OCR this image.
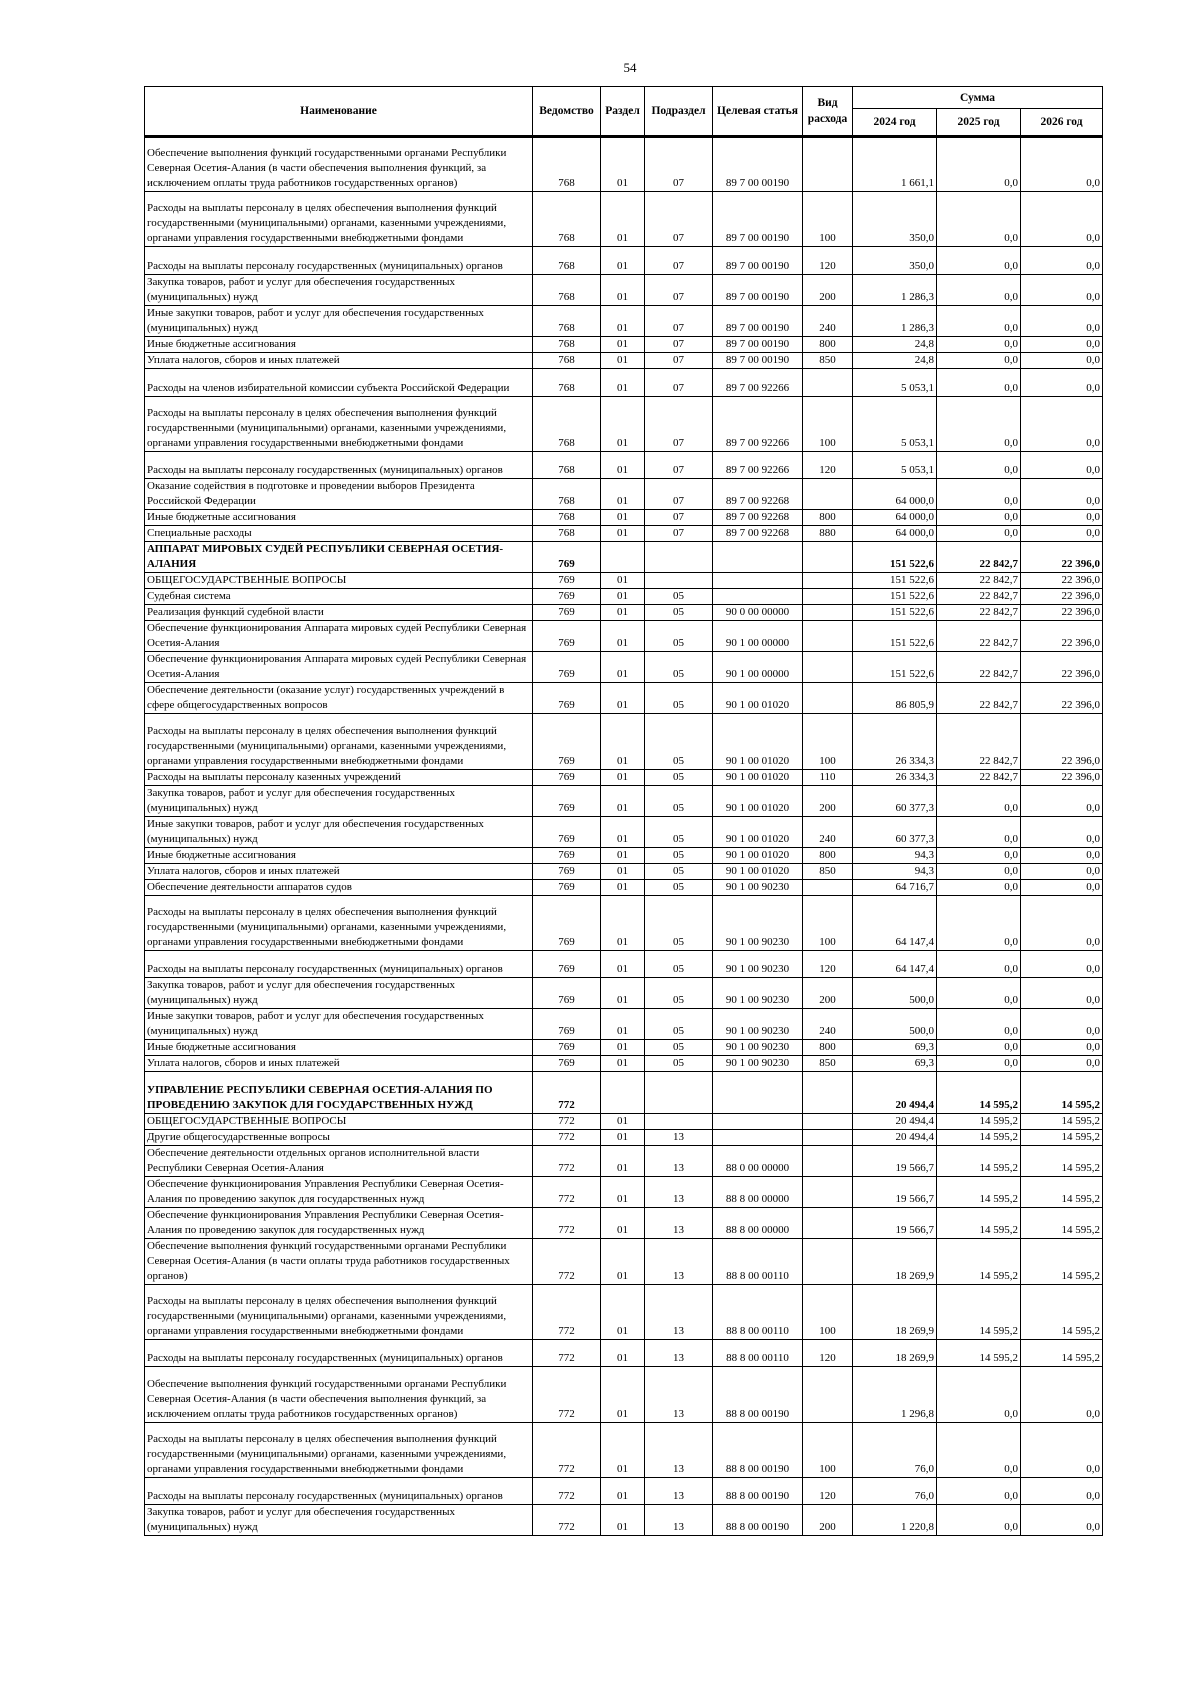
54
Наименование	Ведомство	Раздел	Подраздел	Целевая статья	Вид расхода	Сумма		
						2024 год	2025 год	2026 год
Обеспечение выполнения функций государственными органами Республики Северная Осетия-Алания (в части обеспечения выполнения функций, за исключением оплаты труда работников государственных органов)	768	01	07	89 7 00 00190		1 661,1	0,0	0,0
Расходы на выплаты персоналу в целях обеспечения выполнения функций государственными (муниципальными) органами, казенными учреждениями, органами управления государственными внебюджетными фондами	768	01	07	89 7 00 00190	100	350,0	0,0	0,0
Расходы на выплаты персоналу государственных (муниципальных) органов	768	01	07	89 7 00 00190	120	350,0	0,0	0,0
Закупка товаров, работ и услуг для обеспечения государственных (муниципальных) нужд	768	01	07	89 7 00 00190	200	1 286,3	0,0	0,0
Иные закупки товаров, работ и услуг для обеспечения государственных (муниципальных) нужд	768	01	07	89 7 00 00190	240	1 286,3	0,0	0,0
Иные бюджетные ассигнования	768	01	07	89 7 00 00190	800	24,8	0,0	0,0
Уплата налогов, сборов и иных платежей	768	01	07	89 7 00 00190	850	24,8	0,0	0,0
Расходы на членов избирательной комиссии субъекта Российской Федерации	768	01	07	89 7 00 92266		5 053,1	0,0	0,0
Расходы на выплаты персоналу в целях обеспечения выполнения функций государственными (муниципальными) органами, казенными учреждениями, органами управления государственными внебюджетными фондами	768	01	07	89 7 00 92266	100	5 053,1	0,0	0,0
Расходы на выплаты персоналу государственных (муниципальных) органов	768	01	07	89 7 00 92266	120	5 053,1	0,0	0,0
Оказание содействия в подготовке и проведении выборов Президента Российской Федерации	768	01	07	89 7 00 92268		64 000,0	0,0	0,0
Иные бюджетные ассигнования	768	01	07	89 7 00 92268	800	64 000,0	0,0	0,0
Специальные расходы	768	01	07	89 7 00 92268	880	64 000,0	0,0	0,0
АППАРАТ МИРОВЫХ СУДЕЙ РЕСПУБЛИКИ СЕВЕРНАЯ ОСЕТИЯ-АЛАНИЯ	769					151 522,6	22 842,7	22 396,0
ОБЩЕГОСУДАРСТВЕННЫЕ ВОПРОСЫ	769	01				151 522,6	22 842,7	22 396,0
Судебная система	769	01	05			151 522,6	22 842,7	22 396,0
Реализация функций судебной власти	769	01	05	90 0 00 00000		151 522,6	22 842,7	22 396,0
Обеспечение функционирования Аппарата мировых судей Республики Северная Осетия-Алания	769	01	05	90 1 00 00000		151 522,6	22 842,7	22 396,0
Обеспечение функционирования Аппарата мировых судей Республики Северная Осетия-Алания	769	01	05	90 1 00 00000		151 522,6	22 842,7	22 396,0
Обеспечение деятельности (оказание услуг) государственных учреждений в сфере общегосударственных вопросов	769	01	05	90 1 00 01020		86 805,9	22 842,7	22 396,0
Расходы на выплаты персоналу в целях обеспечения выполнения функций государственными (муниципальными) органами, казенными учреждениями, органами управления государственными внебюджетными фондами	769	01	05	90 1 00 01020	100	26 334,3	22 842,7	22 396,0
Расходы на выплаты персоналу казенных учреждений	769	01	05	90 1 00 01020	110	26 334,3	22 842,7	22 396,0
Закупка товаров, работ и услуг для обеспечения государственных (муниципальных) нужд	769	01	05	90 1 00 01020	200	60 377,3	0,0	0,0
Иные закупки товаров, работ и услуг для обеспечения государственных (муниципальных) нужд	769	01	05	90 1 00 01020	240	60 377,3	0,0	0,0
Иные бюджетные ассигнования	769	01	05	90 1 00 01020	800	94,3	0,0	0,0
Уплата налогов, сборов и иных платежей	769	01	05	90 1 00 01020	850	94,3	0,0	0,0
Обеспечение деятельности аппаратов судов	769	01	05	90 1 00 90230		64 716,7	0,0	0,0
Расходы на выплаты персоналу в целях обеспечения выполнения функций государственными (муниципальными) органами, казенными учреждениями, органами управления государственными внебюджетными фондами	769	01	05	90 1 00 90230	100	64 147,4	0,0	0,0
Расходы на выплаты персоналу государственных (муниципальных) органов	769	01	05	90 1 00 90230	120	64 147,4	0,0	0,0
Закупка товаров, работ и услуг для обеспечения государственных (муниципальных) нужд	769	01	05	90 1 00 90230	200	500,0	0,0	0,0
Иные закупки товаров, работ и услуг для обеспечения государственных (муниципальных) нужд	769	01	05	90 1 00 90230	240	500,0	0,0	0,0
Иные бюджетные ассигнования	769	01	05	90 1 00 90230	800	69,3	0,0	0,0
Уплата налогов, сборов и иных платежей	769	01	05	90 1 00 90230	850	69,3	0,0	0,0
УПРАВЛЕНИЕ РЕСПУБЛИКИ СЕВЕРНАЯ ОСЕТИЯ-АЛАНИЯ ПО ПРОВЕДЕНИЮ ЗАКУПОК ДЛЯ ГОСУДАРСТВЕННЫХ НУЖД	772					20 494,4	14 595,2	14 595,2
ОБЩЕГОСУДАРСТВЕННЫЕ ВОПРОСЫ	772	01				20 494,4	14 595,2	14 595,2
Другие общегосударственные вопросы	772	01	13			20 494,4	14 595,2	14 595,2
Обеспечение деятельности отдельных органов исполнительной власти Республики Северная Осетия-Алания	772	01	13	88 0 00 00000		19 566,7	14 595,2	14 595,2
Обеспечение функционирования Управления Республики Северная Осетия-Алания по проведению закупок для государственных нужд	772	01	13	88 8 00 00000		19 566,7	14 595,2	14 595,2
Обеспечение функционирования Управления Республики Северная Осетия-Алания по проведению закупок для государственных нужд	772	01	13	88 8 00 00000		19 566,7	14 595,2	14 595,2
Обеспечение выполнения функций государственными органами Республики Северная Осетия-Алания (в части оплаты труда работников государственных органов)	772	01	13	88 8 00 00110		18 269,9	14 595,2	14 595,2
Расходы на выплаты персоналу в целях обеспечения выполнения функций государственными (муниципальными) органами, казенными учреждениями, органами управления государственными внебюджетными фондами	772	01	13	88 8 00 00110	100	18 269,9	14 595,2	14 595,2
Расходы на выплаты персоналу государственных (муниципальных) органов	772	01	13	88 8 00 00110	120	18 269,9	14 595,2	14 595,2
Обеспечение выполнения функций государственными органами Республики Северная Осетия-Алания (в части обеспечения выполнения функций, за исключением оплаты труда работников государственных органов)	772	01	13	88 8 00 00190		1 296,8	0,0	0,0
Расходы на выплаты персоналу в целях обеспечения выполнения функций государственными (муниципальными) органами, казенными учреждениями, органами управления государственными внебюджетными фондами	772	01	13	88 8 00 00190	100	76,0	0,0	0,0
Расходы на выплаты персоналу государственных (муниципальных) органов	772	01	13	88 8 00 00190	120	76,0	0,0	0,0
Закупка товаров, работ и услуг для обеспечения государственных (муниципальных) нужд	772	01	13	88 8 00 00190	200	1 220,8	0,0	0,0
